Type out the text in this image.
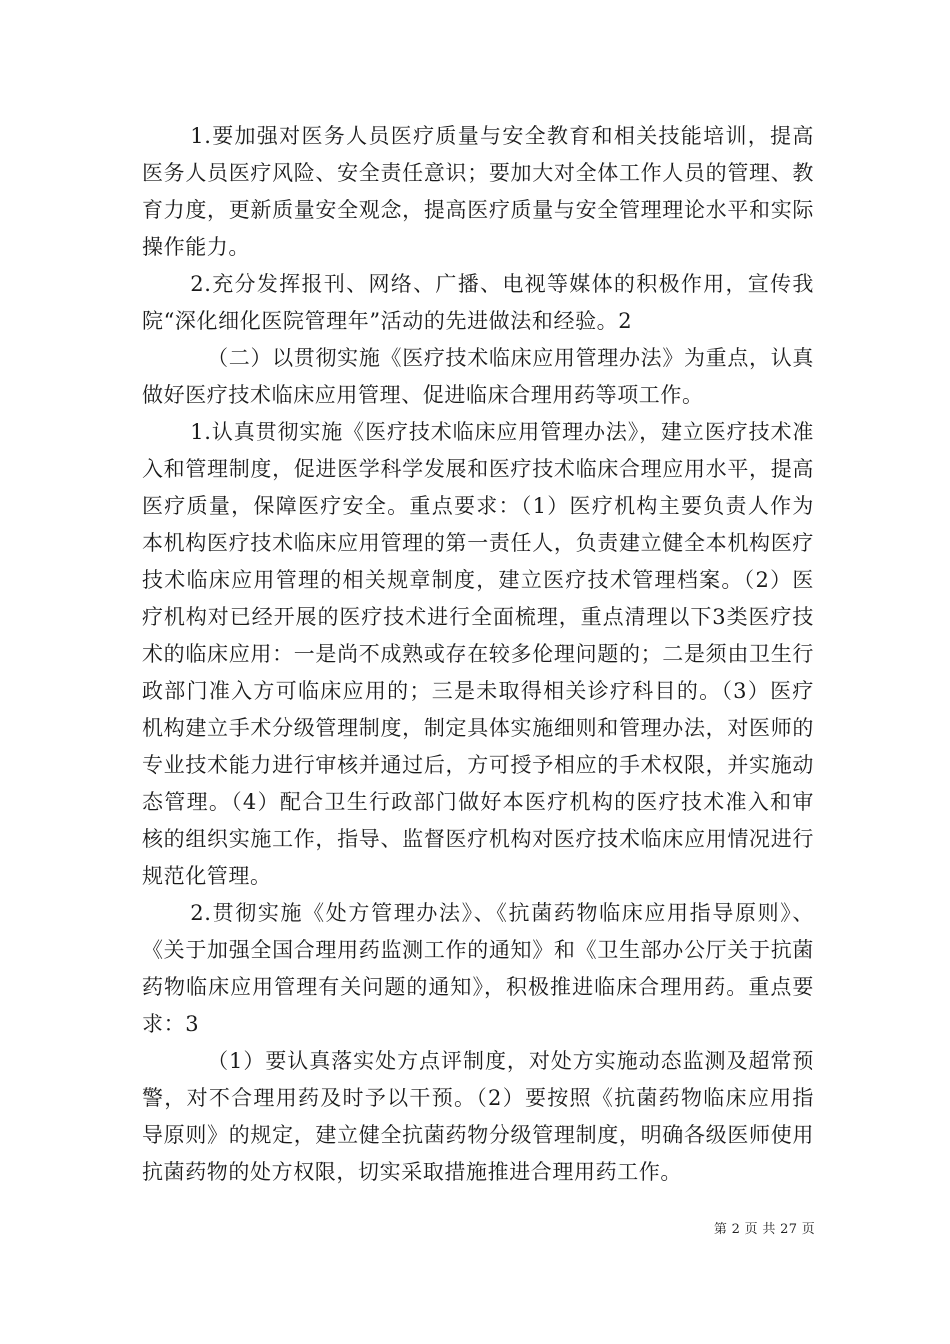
1.要加强对医务人员医疗质量与安全教育和相关技能培训，提高医务人员医疗风险、安全责任意识；要加大对全体工作人员的管理、教育力度，更新质量安全观念，提高医疗质量与安全管理理论水平和实际操作能力。

2.充分发挥报刊、网络、广播、电视等媒体的积极作用，宣传我院“深化细化医院管理年”活动的先进做法和经验。2

（二）以贯彻实施《医疗技术临床应用管理办法》为重点，认真做好医疗技术临床应用管理、促进临床合理用药等项工作。

1.认真贯彻实施《医疗技术临床应用管理办法》，建立医疗技术准入和管理制度，促进医学科学发展和医疗技术临床合理应用水平，提高医疗质量，保障医疗安全。重点要求：（1）医疗机构主要负责人作为本机构医疗技术临床应用管理的第一责任人，负责建立健全本机构医疗技术临床应用管理的相关规章制度，建立医疗技术管理档案。（2）医疗机构对已经开展的医疗技术进行全面梳理，重点清理以下3类医疗技术的临床应用：一是尚不成熟或存在较多伦理问题的；二是须由卫生行政部门准入方可临床应用的；三是未取得相关诊疗科目的。（3）医疗机构建立手术分级管理制度，制定具体实施细则和管理办法，对医师的专业技术能力进行审核并通过后，方可授予相应的手术权限，并实施动态管理。（4）配合卫生行政部门做好本医疗机构的医疗技术准入和审核的组织实施工作，指导、监督医疗机构对医疗技术临床应用情况进行规范化管理。

2.贯彻实施《处方管理办法》、《抗菌药物临床应用指导原则》、《关于加强全国合理用药监测工作的通知》和《卫生部办公厅关于抗菌药物临床应用管理有关问题的通知》，积极推进临床合理用药。重点要求：3

（1）要认真落实处方点评制度，对处方实施动态监测及超常预警，对不合理用药及时予以干预。（2）要按照《抗菌药物临床应用指导原则》的规定，建立健全抗菌药物分级管理制度，明确各级医师使用抗菌药物的处方权限，切实采取措施推进合理用药工作。

第 2 页 共 27 页
